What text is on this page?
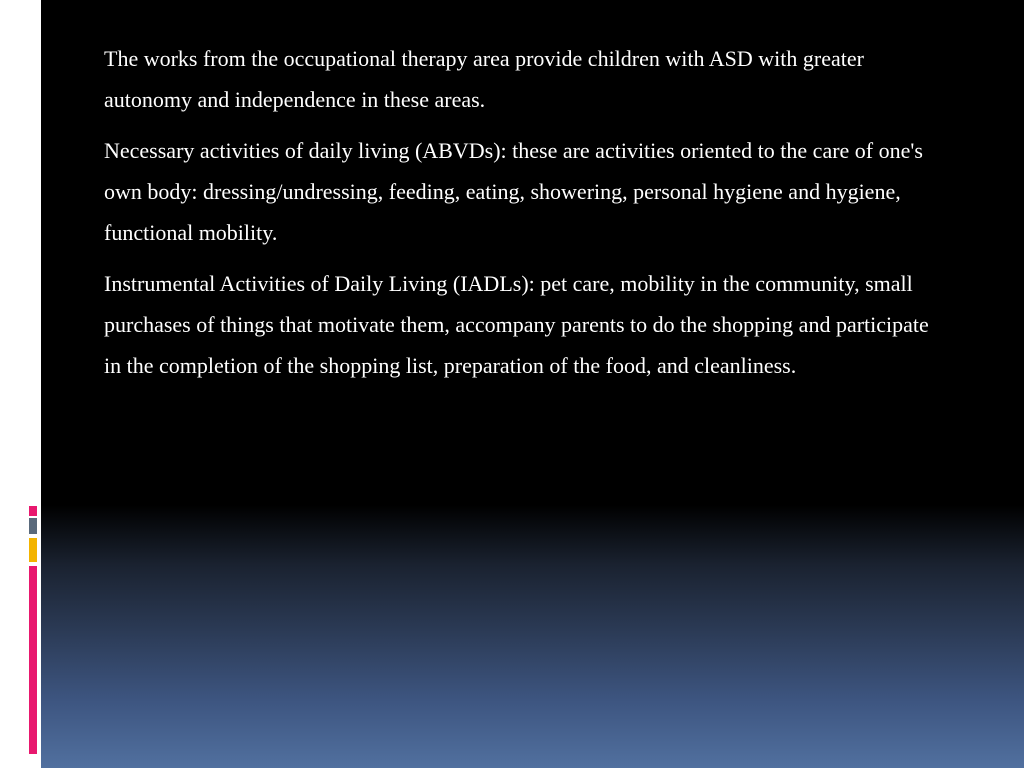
The works from the occupational therapy area provide children with ASD with greater autonomy and independence in these areas.

Necessary activities of daily living (ABVDs): these are activities oriented to the care of one's own body: dressing/undressing, feeding, eating, showering, personal hygiene and hygiene, functional mobility.

Instrumental Activities of Daily Living (IADLs): pet care, mobility in the community, small purchases of things that motivate them, accompany parents to do the shopping and participate in the completion of the shopping list, preparation of the food, and cleanliness.
